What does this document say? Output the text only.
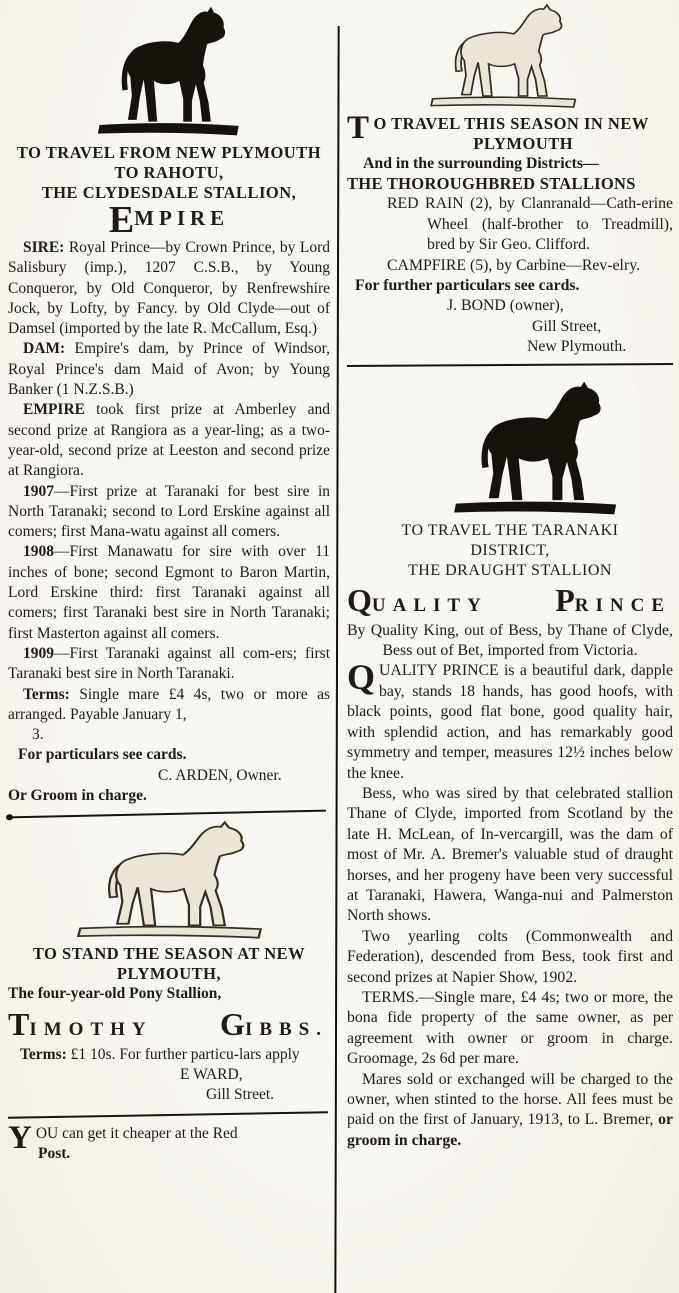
TO TRAVEL FROM NEW PLYMOUTH

TO RAHOTU,

THE CLYDESDALE STALLION,

EMPIRE

SIRE: Royal Prince—by Crown Prince, by Lord Salisbury (imp.), 1207 C.S.B., by Young Conqueror, by Old Conqueror, by Renfrewshire Jock, by Lofty, by Fancy. by Old Clyde—out of Damsel (imported by the late R. McCallum, Esq.)

DAM: Empire's dam, by Prince of Windsor, Royal Prince's dam Maid of Avon; by Young Banker (1 N.Z.S.B.)

EMPIRE took first prize at Amberley and second prize at Rangiora as a year-ling; as a two-year-old, second prize at Leeston and second prize at Rangiora.

1907—First prize at Taranaki for best sire in North Taranaki; second to Lord Erskine against all comers; first Mana-watu against all comers.

1908—First Manawatu for sire with over 11 inches of bone; second Egmont to Baron Martin, Lord Erskine third: first Taranaki against all comers; first Taranaki best sire in North Taranaki; first Masterton against all comers.

1909—First Taranaki against all com-ers; first Taranaki best sire in North Taranaki.

Terms: Single mare £4 4s, two or more as arranged. Payable January 1,

3.

For particulars see cards.

C. ARDEN, Owner.

Or Groom in charge.

TO STAND THE SEASON AT NEW

PLYMOUTH,

The four-year-old Pony Stallion,

TIMOTHY GIBBS.

Terms: £1 10s. For further particu-lars apply

E WARD,

Gill Street.

YOU can get it cheaper at the Red

Post.

T O TRAVEL THIS SEASON IN NEW

PLYMOUTH

And in the surrounding Districts—

THE THOROUGHBRED STALLIONS

RED RAIN (2), by Clanranald—Cath-erine Wheel (half-brother to Treadmill), bred by Sir Geo. Clifford.

CAMPFIRE (5), by Carbine—Rev-elry.

For further particulars see cards.

J. BOND (owner),

Gill Street,

New Plymouth.

TO TRAVEL THE TARANAKI

DISTRICT,

THE DRAUGHT STALLION

QUALITY PRINCE

By Quality King, out of Bess, by Thane of Clyde, Bess out of Bet, imported from Victoria.

QUALITY PRINCE is a beautiful dark, dapple bay, stands 18 hands, has good hoofs, with black points, good flat bone, good quality hair, with splendid action, and has remarkably good symmetry and temper, measures 12½ inches below the knee.

Bess, who was sired by that celebrated stallion Thane of Clyde, imported from Scotland by the late H. McLean, of In-vercargill, was the dam of most of Mr. A. Bremer's valuable stud of draught horses, and her progeny have been very successful at Taranaki, Hawera, Wanga-nui and Palmerston North shows.

Two yearling colts (Commonwealth and Federation), descended from Bess, took first and second prizes at Napier Show, 1902.

TERMS.—Single mare, £4 4s; two or more, the bona fide property of the same owner, as per agreement with owner or groom in charge. Groomage, 2s 6d per mare.

Mares sold or exchanged will be charged to the owner, when stinted to the horse. All fees must be paid on the first of January, 1913, to L. Bremer, or groom in charge.
